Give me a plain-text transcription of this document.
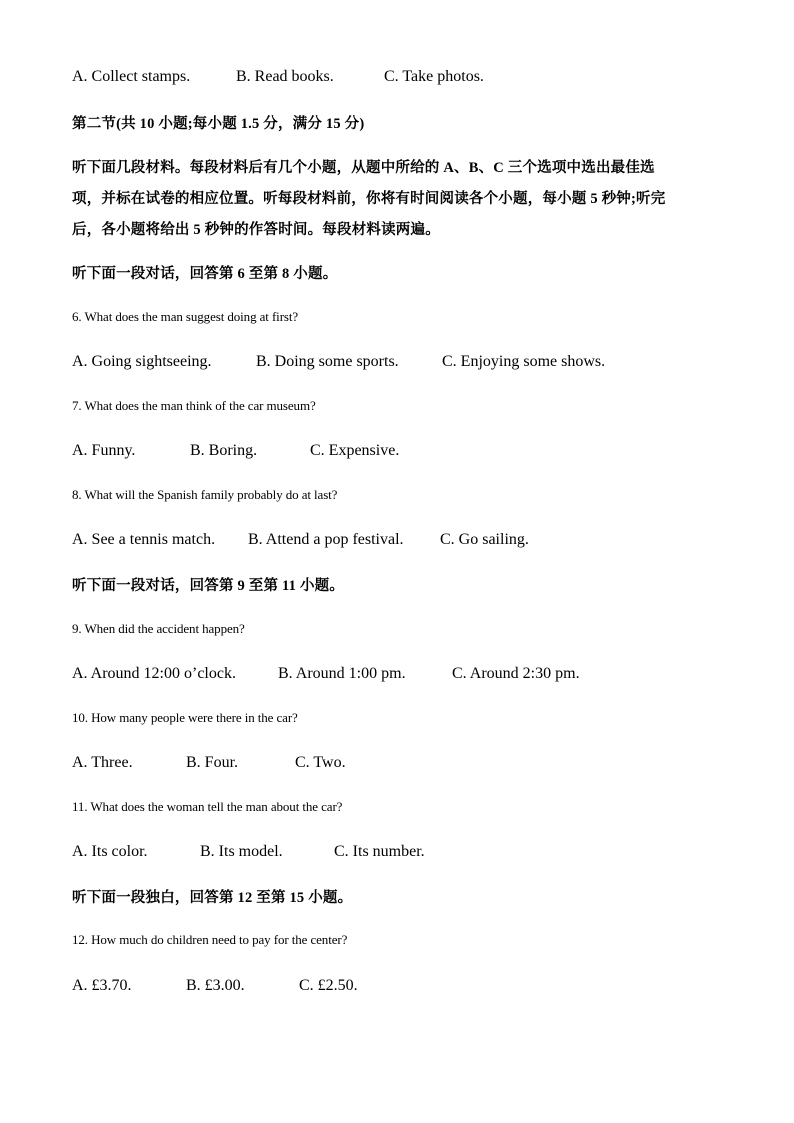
A. Collect stamps.	B. Read books.	C. Take photos.
第二节(共 10 小题;每小题 1.5 分，满分 15 分)
听下面几段材料。每段材料后有几个小题，从题中所给的 A、B、C 三个选项中选出最佳选
项，并标在试卷的相应位置。听每段材料前，你将有时间阅读各个小题，每小题 5 秒钟;听完
后，各小题将给出 5 秒钟的作答时间。每段材料读两遍。
听下面一段对话，回答第 6 至第 8 小题。
6. What does the man suggest doing at first?
A. Going sightseeing.	B. Doing some sports.	C. Enjoying some shows.
7. What does the man think of the car museum?
A. Funny.	B. Boring.	C. Expensive.
8. What will the Spanish family probably do at last?
A. See a tennis match. B. Attend a pop festival. C. Go sailing.
听下面一段对话，回答第 9 至第 11 小题。
9. When did the accident happen?
A. Around 12:00 o’clock.	B. Around 1:00 pm.	C. Around 2:30 pm.
10. How many people were there in the car?
A. Three.	B. Four.	C. Two.
11. What does the woman tell the man about the car?
A. Its color.	B. Its model.	C. Its number.
听下面一段独白，回答第 12 至第 15 小题。
12. How much do children need to pay for the center?
A. £3.70.	B. £3.00.	C. £2.50.
